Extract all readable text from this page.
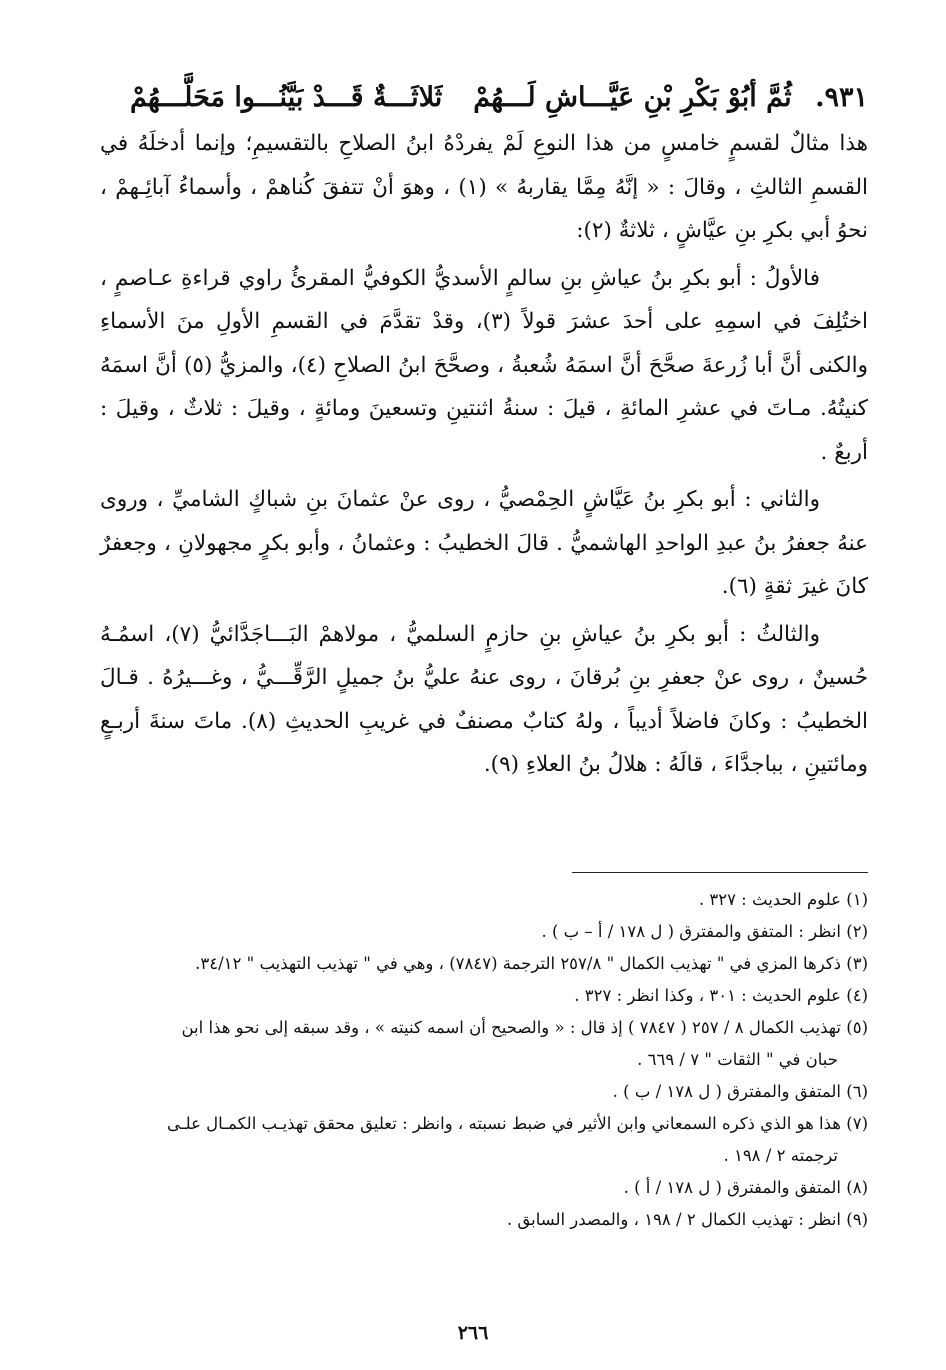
٩٣١. ثُمَّ أبُوْ بَكْرِ بْنِ عَيَّـــاشِ لَـــهُمْ
ثَلاثَـــةٌ قَـــدْ بَيَّنُـــوا مَحَلَّـــهُمْ

هذا مثالٌ لقسمٍ خامسٍ من هذا النوعِ لَمْ يفردْهُ ابنُ الصلاحِ بالتقسيمِ؛ وإنما أدخلَهُ في القسمِ الثالثِ ، وقالَ : « إنَّهُ مِمَّا يقاربهُ » (١) ، وهوَ أنْ تتفقَ كُناهمْ ، وأسماءُ آبائِـهمْ ، نحوُ أبي بكرِ بنِ عيَّاشٍ ، ثلاثةٌ (٢):

فالأولُ : أبو بكرِ بنُ عياشِ بنِ سالمٍ الأسديُّ الكوفيُّ المقرئُ راوي قراءةِ عـاصمٍ ، اختُلِفَ في اسمِهِ على أحدَ عشرَ قولاً (٣)، وقدْ تقدَّمَ في القسمِ الأولِ منَ الأسماءِ والكنى أنَّ أبا زُرعةَ صحَّحَ أنَّ اسمَهُ شُعبةُ ، وصحَّحَ ابنُ الصلاحِ (٤)، والمزيُّ (٥) أنَّ اسمَهُ كنيتُهُ. مـاتَ في عشرِ المائةِ ، قيلَ : سنةُ اثنتينِ وتسعينَ ومائةٍ ، وقيلَ : ثلاثٌ ، وقيلَ : أربعٌ .

والثاني : أبو بكرِ بنُ عَيَّاشٍ الحِمْصيُّ ، روى عنْ عثمانَ بنِ شباكٍ الشاميِّ ، وروى عنهُ جعفرُ بنُ عبدِ الواحدِ الهاشميُّ . قالَ الخطيبُ : وعثمانُ ، وأبو بكرٍ مجهولانِ ، وجعفرٌ كانَ غيرَ ثقةٍ (٦).

والثالثُ : أبو بكرِ بنُ عياشِ بنِ حازمٍ السلميُّ ، مولاهمْ البَـــاجَدَّائيُّ (٧)، اسمُـهُ حُسينٌ ، روى عنْ جعفرِ بنِ بُرقانَ ، روى عنهُ عليُّ بنُ جميلٍ الرَّقِّـــيُّ ، وغـــيرُهُ . قـالَ الخطيبُ : وكانَ فاضلاً أديباً ، ولهُ كتابٌ مصنفٌ في غريبِ الحديثِ (٨). ماتَ سنةَ أربـعٍ ومائتينِ ، بباجدَّاءَ ، قالَهُ : هلالُ بنُ العلاءِ (٩).

(١) علوم الحديث : ٣٢٧ .

(٢) انظر : المتفق والمفترق ( ل ١٧٨ / أ – ب ) .

(٣) ذكرها المزي في " تهذيب الكمال " ٢٥٧/٨ الترجمة (٧٨٤٧) ، وهي في " تهذيب التهذيب " ٣٤/١٢.

(٤) علوم الحديث : ٣٠١ ، وكذا انظر : ٣٢٧ .

(٥) تهذيب الكمال ٨ / ٢٥٧ ( ٧٨٤٧ ) إذ قال : « والصحيح أن اسمه كنيته » ، وقد سبقه إلى نحو هذا ابن
حبان في " الثقات " ٧ / ٦٦٩ .

(٦) المتفق والمفترق ( ل ١٧٨ / ب ) .

(٧) هذا هو الذي ذكره السمعاني وابن الأثير في ضبط نسبته ، وانظر : تعليق محقق تهذيـب الكمـال علـى
ترجمته ٢ / ١٩٨ .

(٨) المتفق والمفترق ( ل ١٧٨ / أ ) .

(٩) انظر : تهذيب الكمال ٢ / ١٩٨ ، والمصدر السابق .

٢٦٦
